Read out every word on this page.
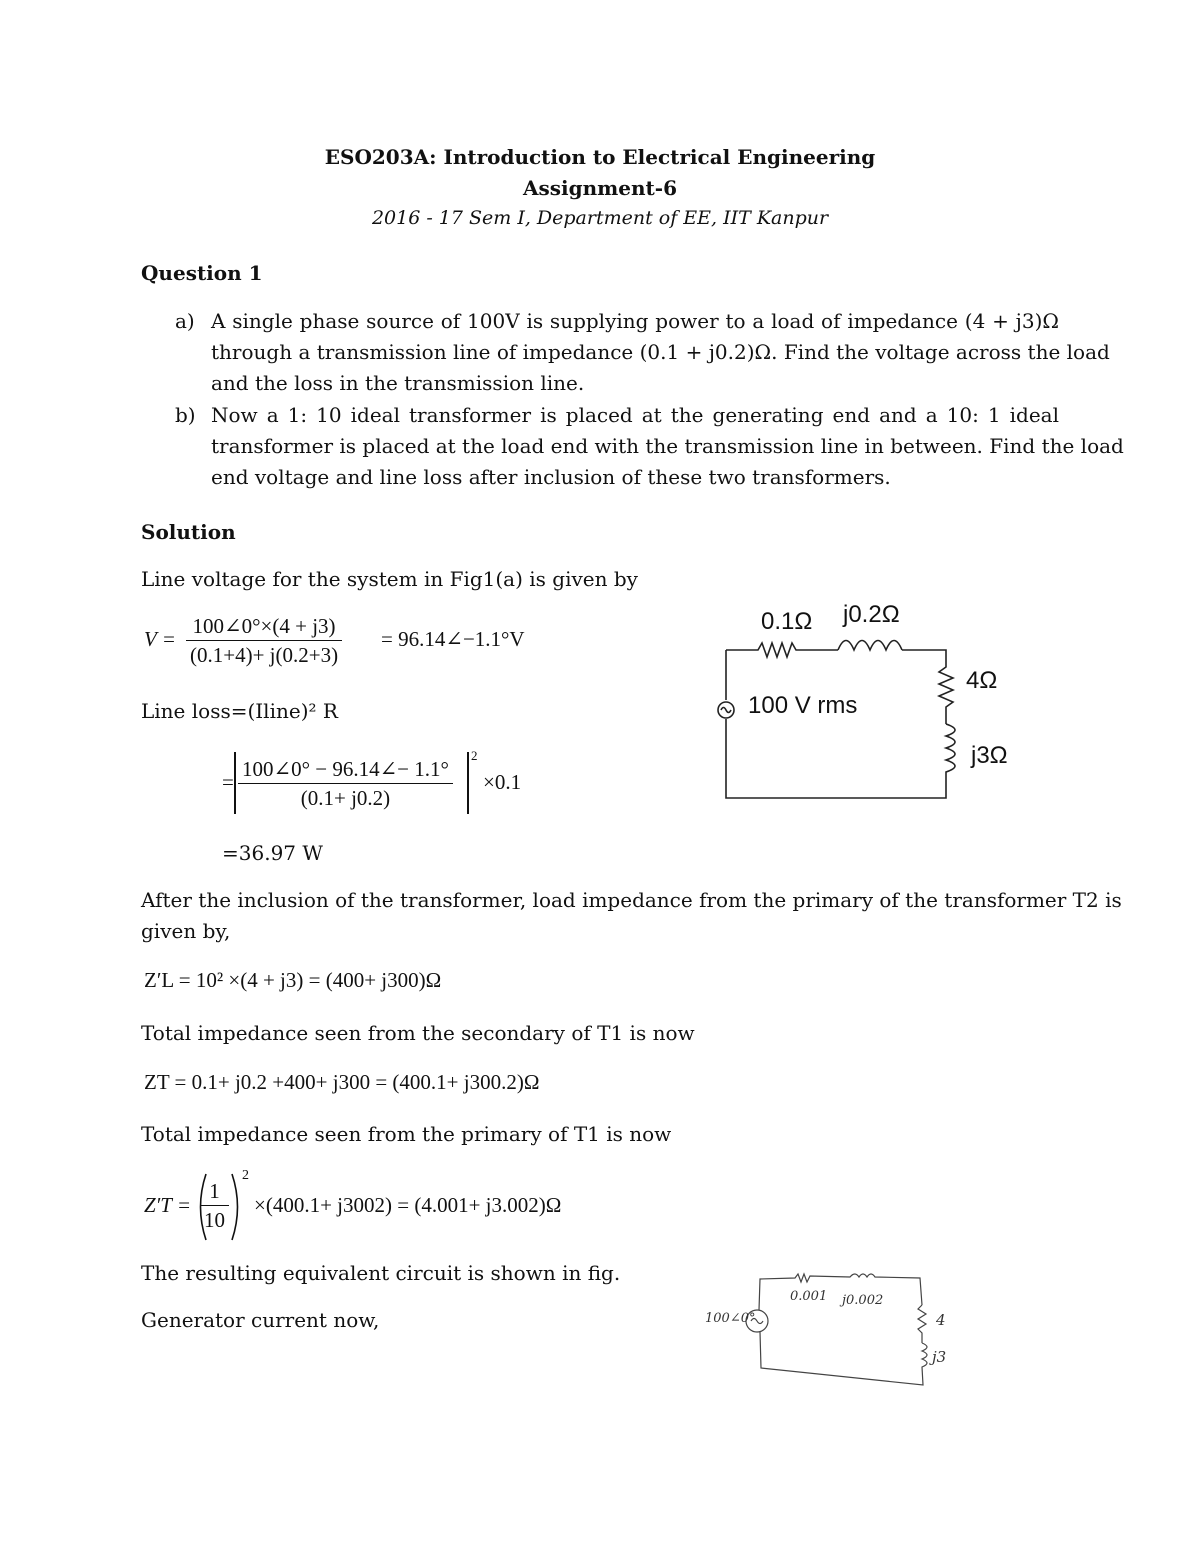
ESO203A: Introduction to Electrical Engineering
Assignment-6
2016 - 17 Sem I, Department of EE, IIT Kanpur
Question 1
a) A single phase source of 100V is supplying power to a load of impedance (4 + j3)Ω
through a transmission line of impedance (0.1 + j0.2)Ω. Find the voltage across the load
and the loss in the transmission line.
b) Now a 1: 10 ideal transformer is placed at the generating end and a 10: 1 ideal
transformer is placed at the load end with the transmission line in between. Find the load
end voltage and line loss after inclusion of these two transformers.
Solution
Line voltage for the system in Fig1(a) is given by
$V = \frac{100\angle 0^\circ\times(4 + j3)}{(0.1+4)+ j(0.2+3)}$ = 96.14∠−1.1°V
Line loss=(Iline)² R
= $\frac{100\angle 0^\circ - 96.14\angle- 1.1^\circ}{(0.1+ j0.2)} 2$
×0.1
=36.97 W
After the inclusion of the transformer, load impedance from the primary of the transformer T2 is
given by,
Z′L = 10² ×(4 + j3) = (400+ j300)Ω
Total impedance seen from the secondary of T1 is now
ZT = 0.1+ j0.2 +400+ j300 = (400.1+ j300.2)Ω
Total impedance seen from the primary of T1 is now
$Z'T = \frac{1}{10}$
2
×(400.1+ j3002) = (4.001+ j3.002)Ω
The resulting equivalent circuit is shown in fig.
Generator current now,
0.1Ω j0.2Ω
100 V rms
4Ω
j3Ω
100∠0°
0.001 j0.002
4
j3
